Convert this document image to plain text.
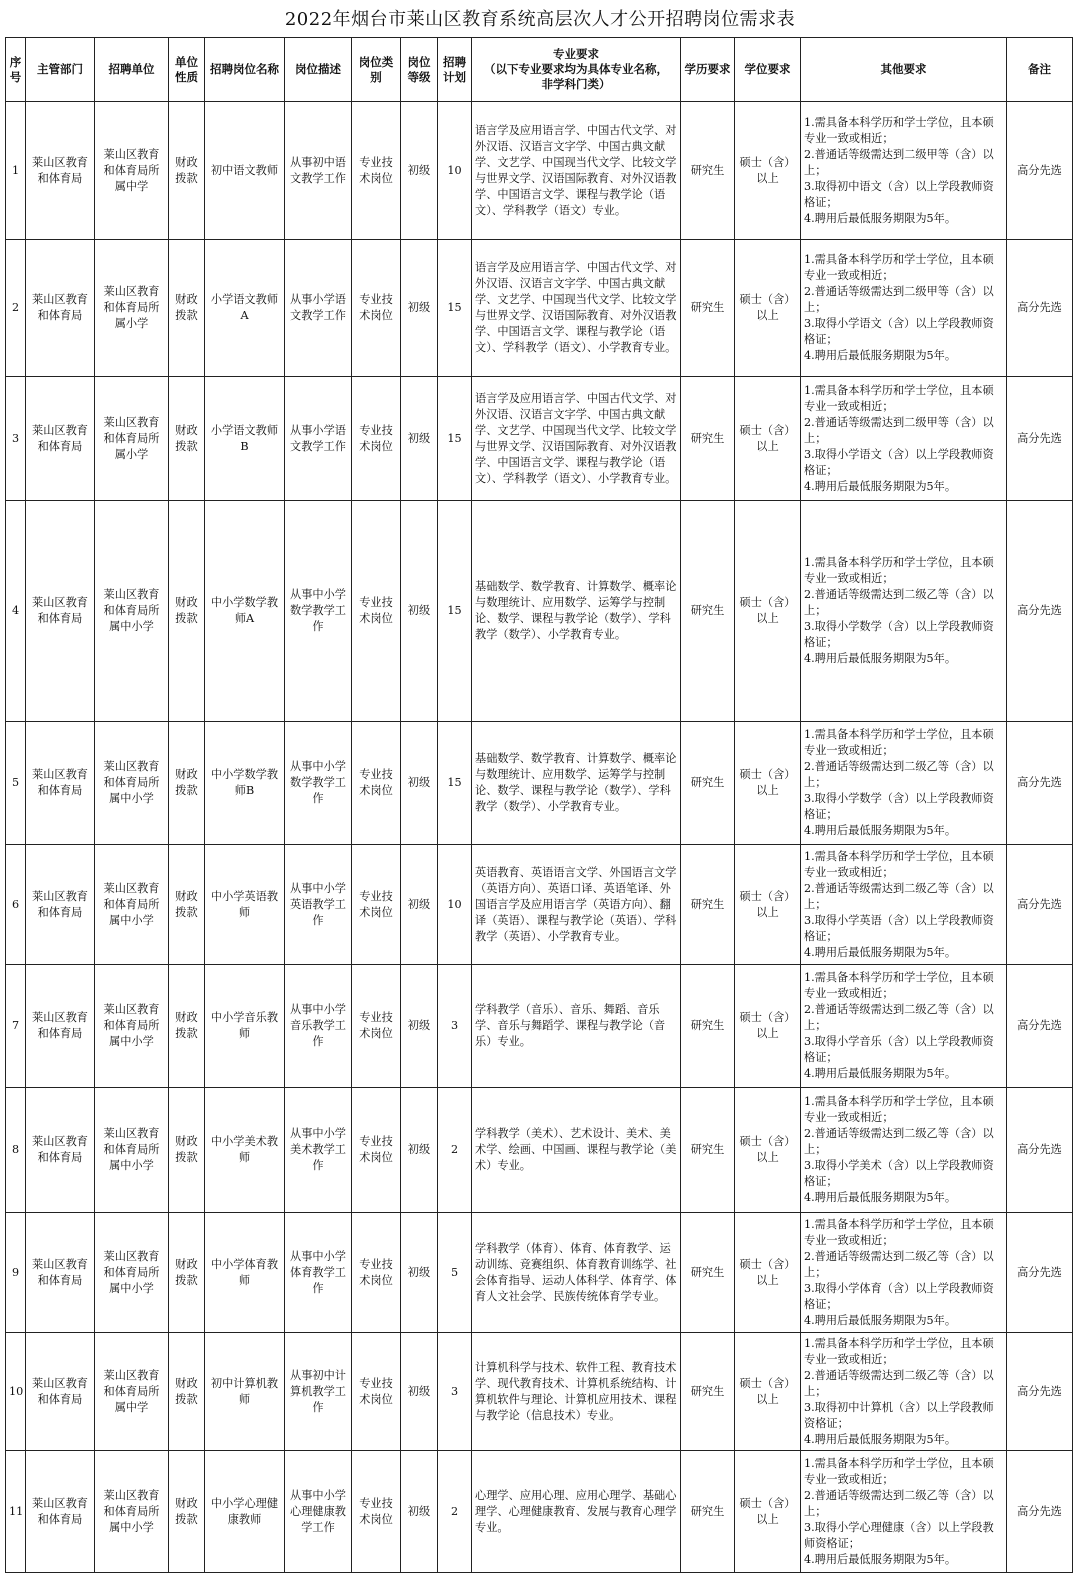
2022年烟台市莱山区教育系统高层次人才公开招聘岗位需求表
序号	主管部门	招聘单位	单位性质	招聘岗位名称	岗位描述	岗位类别	岗位等级	招聘计划	专业要求
（以下专业要求均为具体专业名称，
非学科门类）	学历要求	学位要求	其他要求	备注
1	莱山区教育和体育局	莱山区教育和体育局所属中学	财政拨款	初中语文教师	从事初中语文教学工作	专业技术岗位	初级	10	语言学及应用语言学、中国古代文学、对外汉语、汉语言文字学、中国古典文献学、文艺学、中国现当代文学、比较文学与世界文学、汉语国际教育、对外汉语教学、中国语言文学、课程与教学论（语文）、学科教学（语文）专业。	研究生	硕士（含）以上	1.需具备本科学历和学士学位，且本硕专业一致或相近；
2.普通话等级需达到二级甲等（含）以上；
3.取得初中语文（含）以上学段教师资格证；
4.聘用后最低服务期限为5年。	高分先选
2	莱山区教育和体育局	莱山区教育和体育局所属小学	财政拨款	小学语文教师A	从事小学语文教学工作	专业技术岗位	初级	15	语言学及应用语言学、中国古代文学、对外汉语、汉语言文字学、中国古典文献学、文艺学、中国现当代文学、比较文学与世界文学、汉语国际教育、对外汉语教学、中国语言文学、课程与教学论（语文）、学科教学（语文）、小学教育专业。	研究生	硕士（含）以上	1.需具备本科学历和学士学位，且本硕专业一致或相近；
2.普通话等级需达到二级甲等（含）以上；
3.取得小学语文（含）以上学段教师资格证；
4.聘用后最低服务期限为5年。	高分先选
3	莱山区教育和体育局	莱山区教育和体育局所属小学	财政拨款	小学语文教师B	从事小学语文教学工作	专业技术岗位	初级	15	语言学及应用语言学、中国古代文学、对外汉语、汉语言文字学、中国古典文献学、文艺学、中国现当代文学、比较文学与世界文学、汉语国际教育、对外汉语教学、中国语言文学、课程与教学论（语文）、学科教学（语文）、小学教育专业。	研究生	硕士（含）以上	1.需具备本科学历和学士学位，且本硕专业一致或相近；
2.普通话等级需达到二级甲等（含）以上；
3.取得小学语文（含）以上学段教师资格证；
4.聘用后最低服务期限为5年。	高分先选
4	莱山区教育和体育局	莱山区教育和体育局所属中小学	财政拨款	中小学数学教师A	从事中小学数学教学工作	专业技术岗位	初级	15	基础数学、数学教育、计算数学、概率论与数理统计、应用数学、运筹学与控制论、数学、课程与教学论（数学）、学科教学（数学）、小学教育专业。	研究生	硕士（含）以上	1.需具备本科学历和学士学位，且本硕专业一致或相近；
2.普通话等级需达到二级乙等（含）以上；
3.取得小学数学（含）以上学段教师资格证；
4.聘用后最低服务期限为5年。	高分先选
5	莱山区教育和体育局	莱山区教育和体育局所属中小学	财政拨款	中小学数学教师B	从事中小学数学教学工作	专业技术岗位	初级	15	基础数学、数学教育、计算数学、概率论与数理统计、应用数学、运筹学与控制论、数学、课程与教学论（数学）、学科教学（数学）、小学教育专业。	研究生	硕士（含）以上	1.需具备本科学历和学士学位，且本硕专业一致或相近；
2.普通话等级需达到二级乙等（含）以上；
3.取得小学数学（含）以上学段教师资格证；
4.聘用后最低服务期限为5年。	高分先选
6	莱山区教育和体育局	莱山区教育和体育局所属中小学	财政拨款	中小学英语教师	从事中小学英语教学工作	专业技术岗位	初级	10	英语教育、英语语言文学、外国语言文学（英语方向）、英语口译、英语笔译、外国语言学及应用语言学（英语方向）、翻译（英语）、课程与教学论（英语）、学科教学（英语）、小学教育专业。	研究生	硕士（含）以上	1.需具备本科学历和学士学位，且本硕专业一致或相近；
2.普通话等级需达到二级乙等（含）以上；
3.取得小学英语（含）以上学段教师资格证；
4.聘用后最低服务期限为5年。	高分先选
7	莱山区教育和体育局	莱山区教育和体育局所属中小学	财政拨款	中小学音乐教师	从事中小学音乐教学工作	专业技术岗位	初级	3	学科教学（音乐）、音乐、舞蹈、音乐学、音乐与舞蹈学、课程与教学论（音乐）专业。	研究生	硕士（含）以上	1.需具备本科学历和学士学位，且本硕专业一致或相近；
2.普通话等级需达到二级乙等（含）以上；
3.取得小学音乐（含）以上学段教师资格证；
4.聘用后最低服务期限为5年。	高分先选
8	莱山区教育和体育局	莱山区教育和体育局所属中小学	财政拨款	中小学美术教师	从事中小学美术教学工作	专业技术岗位	初级	2	学科教学（美术）、艺术设计、美术、美术学、绘画、中国画、课程与教学论（美术）专业。	研究生	硕士（含）以上	1.需具备本科学历和学士学位，且本硕专业一致或相近；
2.普通话等级需达到二级乙等（含）以上；
3.取得小学美术（含）以上学段教师资格证；
4.聘用后最低服务期限为5年。	高分先选
9	莱山区教育和体育局	莱山区教育和体育局所属中小学	财政拨款	中小学体育教师	从事中小学体育教学工作	专业技术岗位	初级	5	学科教学（体育）、体育、体育教学、运动训练、竞赛组织、体育教育训练学、社会体育指导、运动人体科学、体育学、体育人文社会学、民族传统体育学专业。	研究生	硕士（含）以上	1.需具备本科学历和学士学位，且本硕专业一致或相近；
2.普通话等级需达到二级乙等（含）以上；
3.取得小学体育（含）以上学段教师资格证；
4.聘用后最低服务期限为5年。	高分先选
10	莱山区教育和体育局	莱山区教育和体育局所属中学	财政拨款	初中计算机教师	从事初中计算机教学工作	专业技术岗位	初级	3	计算机科学与技术、软件工程、教育技术学、现代教育技术、计算机系统结构、计算机软件与理论、计算机应用技术、课程与教学论（信息技术）专业。	研究生	硕士（含）以上	1.需具备本科学历和学士学位，且本硕专业一致或相近；
2.普通话等级需达到二级乙等（含）以上；
3.取得初中计算机（含）以上学段教师资格证；
4.聘用后最低服务期限为5年。	高分先选
11	莱山区教育和体育局	莱山区教育和体育局所属中小学	财政拨款	中小学心理健康教师	从事中小学心理健康教学工作	专业技术岗位	初级	2	心理学、应用心理、应用心理学、基础心理学、心理健康教育、发展与教育心理学专业。	研究生	硕士（含）以上	1.需具备本科学历和学士学位，且本硕专业一致或相近；
2.普通话等级需达到二级乙等（含）以上；
3.取得小学心理健康（含）以上学段教师资格证；
4.聘用后最低服务期限为5年。	高分先选
